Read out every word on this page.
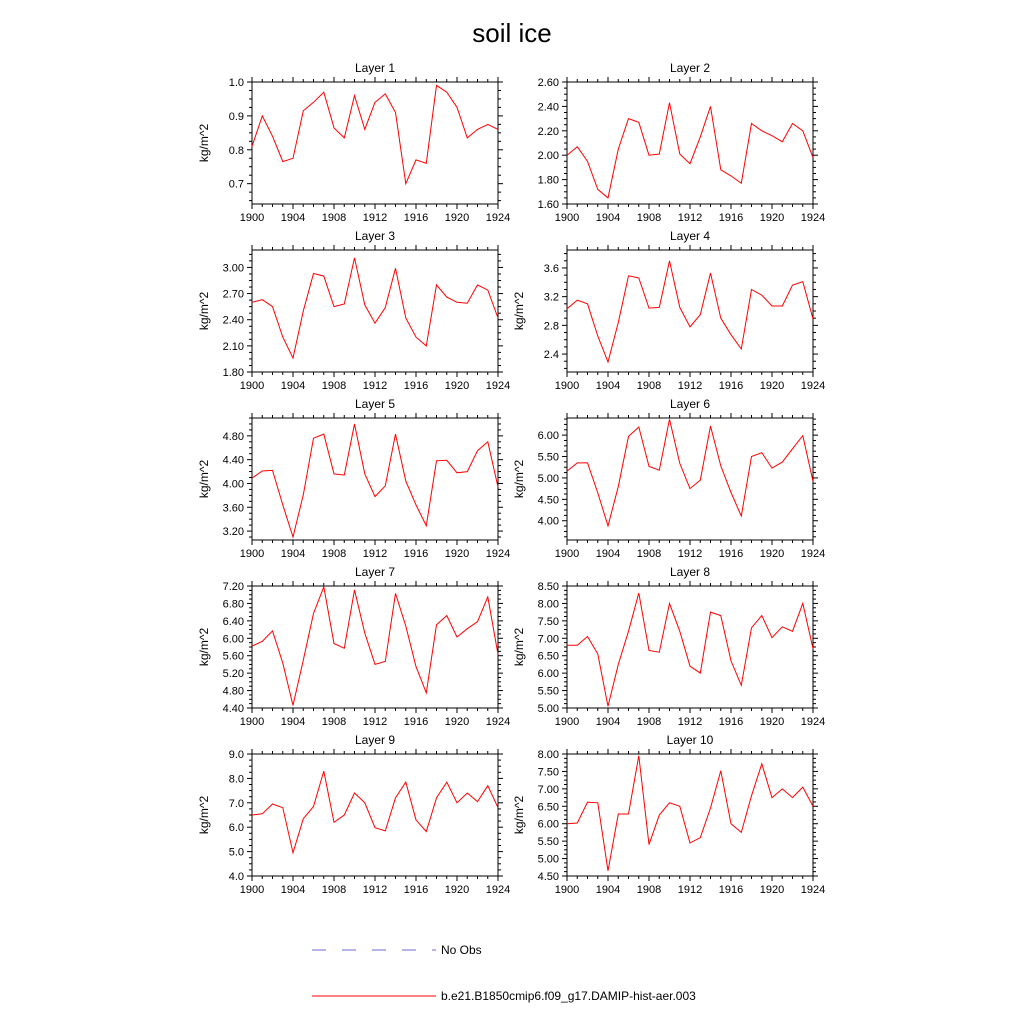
soil ice
Layer 1
kg/m^2
1900 1904 1908 1912 1916 1920 1924
0.7
0.8
0.9
1.0
Layer 2
1900 1904 1908 1912 1916 1920 1924
1.60
1.80
2.00
2.20
2.40
2.60
Layer 3
kg/m^2
1900 1904 1908 1912 1916 1920 1924
1.80
2.10
2.40
2.70
3.00
Layer 4
kg/m^2
1900 1904 1908 1912 1916 1920 1924
2.4
2.8
3.2
3.6
Layer 5
kg/m^2
1900 1904 1908 1912 1916 1920 1924
3.20
3.60
4.00
4.40
4.80
Layer 6
kg/m^2
1900 1904 1908 1912 1916 1920 1924
4.00
4.50
5.00
5.50
6.00
Layer 7
kg/m^2
1900 1904 1908 1912 1916 1920 1924
4.40
4.80
5.20
5.60
6.00
6.40
6.80
7.20
Layer 8
kg/m^2
1900 1904 1908 1912 1916 1920 1924
5.00
5.50
6.00
6.50
7.00
7.50
8.00
8.50
Layer 9
kg/m^2
1900 1904 1908 1912 1916 1920 1924
4.0
5.0
6.0
7.0
8.0
9.0
Layer 10
kg/m^2
1900 1904 1908 1912 1916 1920 1924
4.50
5.00
5.50
6.00
6.50
7.00
7.50
8.00
No Obs
b.e21.B1850cmip6.f09_g17.DAMIP-hist-aer.003
